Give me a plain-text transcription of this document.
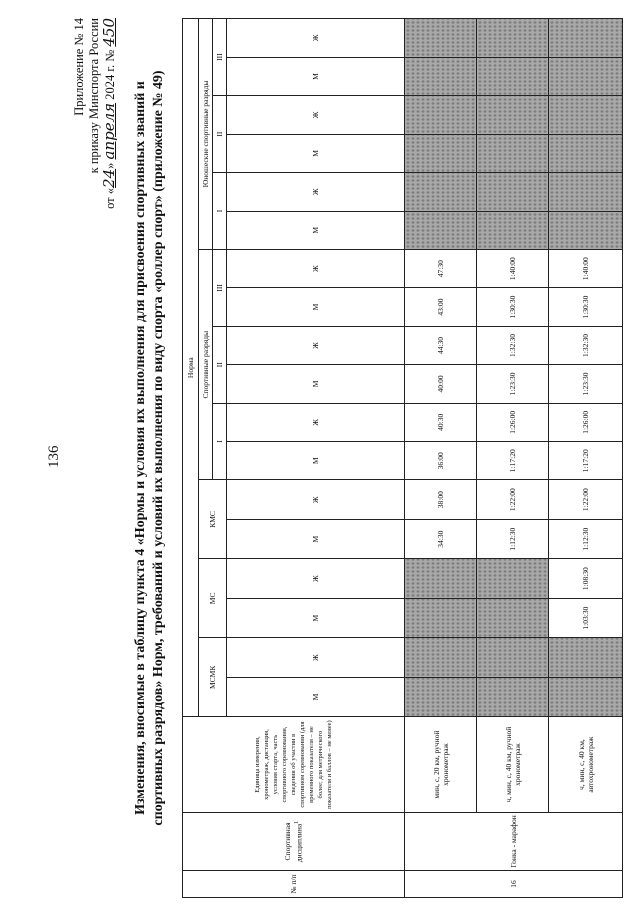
136
Приложение № 14 к приказу Минспорта России
от «24» апреля 2024 г. № 450
Изменения, вносимые в таблицу пункта 4 «Нормы и условия их выполнения для присвоения спортивных званий и спортивных разрядов» Норм, требований и условий их выполнения по виду спорта «роллер спорт» (приложение № 49)
№ п/п	Спортивная дисциплина$^1$	Единица измерения, хронометраж, дистанция, условия старта, часть спортивного соревнования, сведения об участии в спортивном соревновании (для временного показателя – не более; для метрического показателя и баллов – не менее)	Норма																	
			МСМК		МС		КМС		Спортивные разряды						Юношеские спортивные разряды					
									I		II		III		I		II		III	
			М	Ж	М	Ж	М	Ж	М	Ж	М	Ж	М	Ж	М	Ж	М	Ж	М	Ж
16	Гонка - марафон	мин, с, 20 км, ручной хронометраж					34:30	38:00	36:00	40:30	40:00	44:30	43:00	47:30						
		ч, мин, с, 40 км, ручной хронометраж					1:12:30	1:22:00	1:17:20	1:26:00	1:23:30	1:32:30	1:30:30	1:40:00						
		ч, мин, с, 40 км, автохронометраж			1:03:30	1:08:30	1:12:30	1:22:00	1:17:20	1:26:00	1:23:30	1:32:30	1:30:30	1:40:00						
